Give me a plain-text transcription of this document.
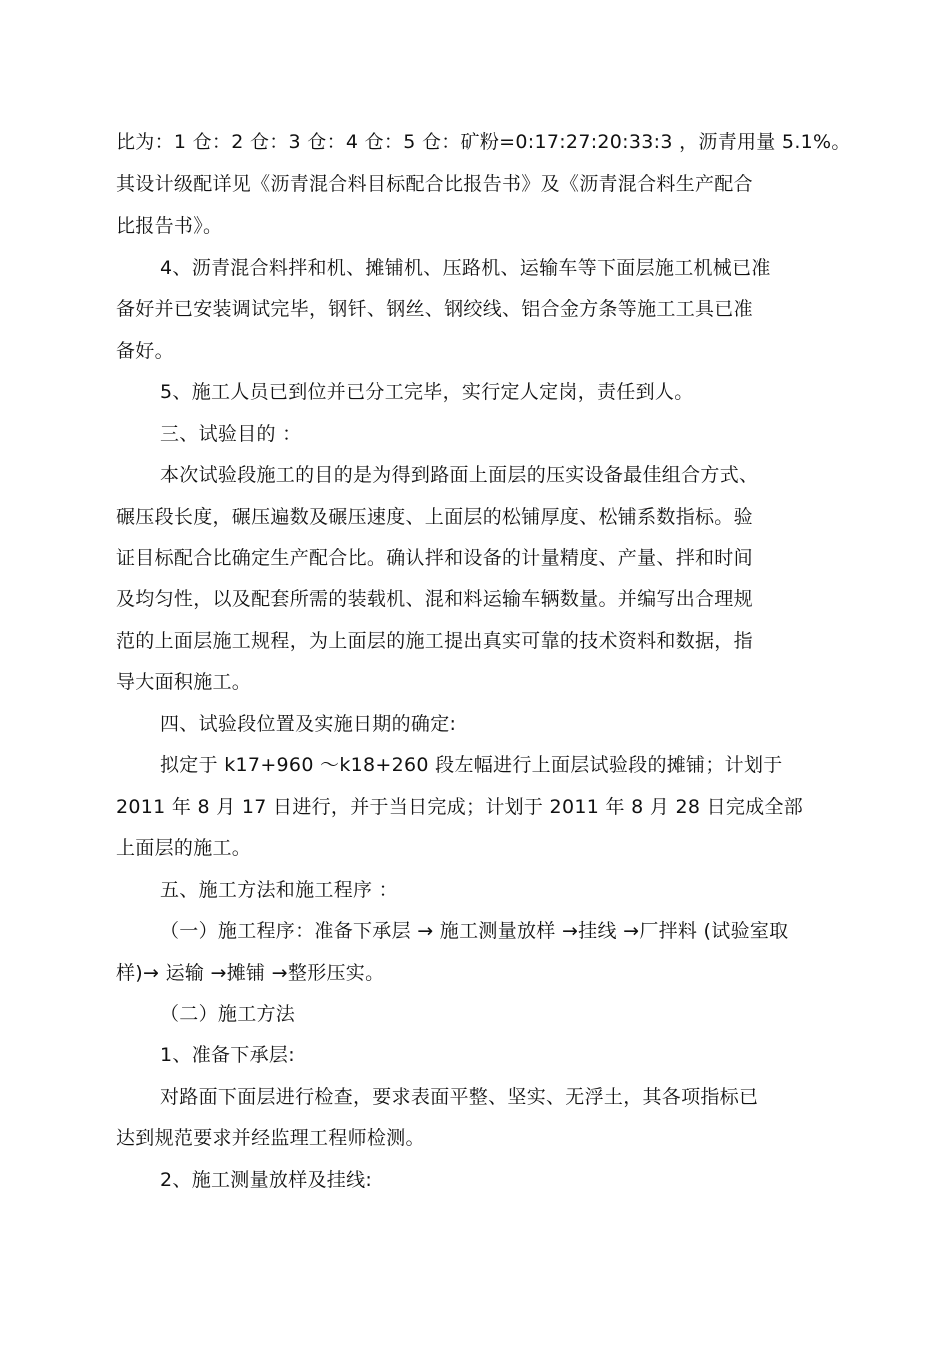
比为：1 仓：2 仓：3 仓：4 仓：5 仓：矿粉=0:17:27:20:33:3 ，沥青用量 5.1%。
其设计级配详见《沥青混合料目标配合比报告书》及《沥青混合料生产配合
比报告书》。
4、沥青混合料拌和机、摊铺机、压路机、运输车等下面层施工机械已准
备好并已安装调试完毕，钢钎、钢丝、钢绞线、铝合金方条等施工工具已准
备好。
5、施工人员已到位并已分工完毕，实行定人定岗，责任到人。
三、试验目的 ：
本次试验段施工的目的是为得到路面上面层的压实设备最佳组合方式、
碾压段长度，碾压遍数及碾压速度、上面层的松铺厚度、松铺系数指标。验
证目标配合比确定生产配合比。确认拌和设备的计量精度、产量、拌和时间
及均匀性，以及配套所需的装载机、混和料运输车辆数量。并编写出合理规
范的上面层施工规程，为上面层的施工提出真实可靠的技术资料和数据，指
导大面积施工。
四、试验段位置及实施日期的确定:
拟定于 k17+960 ～k18+260 段左幅进行上面层试验段的摊铺；计划于
2011 年 8 月 17 日进行，并于当日完成；计划于 2011 年 8 月 28 日完成全部
上面层的施工。
五、施工方法和施工程序 ：
（一）施工程序：准备下承层 → 施工测量放样 →挂线 →厂拌料 (试验室取
样)→ 运输 →摊铺 →整形压实。
（二）施工方法
1、准备下承层:
对路面下面层进行检查，要求表面平整、坚实、无浮土，其各项指标已
达到规范要求并经监理工程师检测。
2、施工测量放样及挂线:
